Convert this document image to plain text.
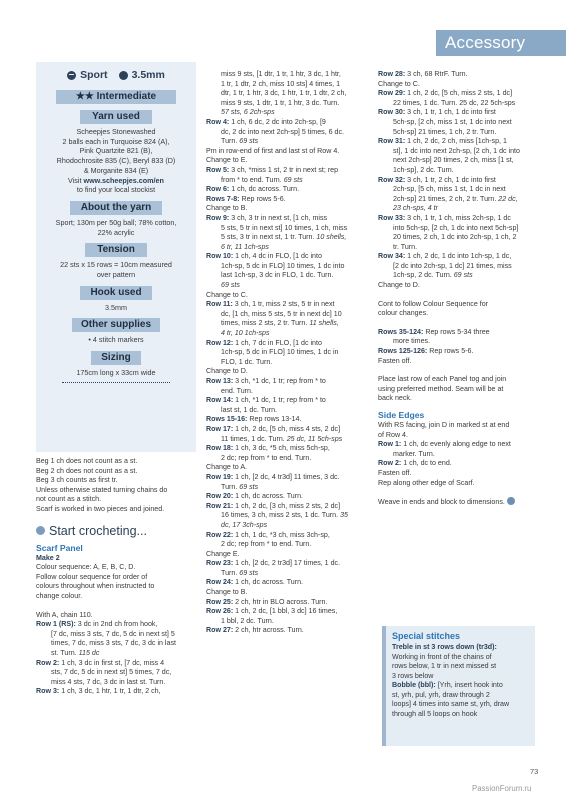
Accessory
Sport 3.5mm
★★ Intermediate
Yarn used
Scheepjes Stonewashed
2 balls each in Turquoise 824 (A),
Pink Quartzite 821 (B),
Rhodochrosite 835 (C), Beryl 833 (D)
& Morganite 834 (E)
Visit www.scheepjes.com/en
to find your local stockist
About the yarn
Sport; 130m per 50g ball; 78% cotton,
22% acrylic
Tension
22 sts x 15 rows = 10cm measured
over pattern
Hook used
3.5mm
Other supplies
• 4 stitch markers
Sizing
175cm long x 33cm wide
Beg 1 ch does not count as a st.
Beg 2 ch does not count as a st.
Beg 3 ch counts as first tr.
Unless otherwise stated turning chains do
not count as a stitch.
Scarf is worked in two pieces and joined.
Start crocheting...
Scarf Panel
Make 2
Colour sequence: A, E, B, C, D.
Follow colour sequence for order of
colours throughout when instructed to
change colour.
With A, chain 110.
Row 1 (RS): 3 dc in 2nd ch from hook,
[7 dc, miss 3 sts, 7 dc, 5 dc in next st] 5
times, 7 dc, miss 3 sts, 7 dc, 3 dc in last
st. Turn. 115 dc
Row 2: 1 ch, 3 dc in first st, [7 dc, miss 4
sts, 7 dc, 5 dc in next st] 5 times, 7 dc,
miss 4 sts, 7 dc, 3 dc in last st. Turn.
Row 3: 1 ch, 3 dc, 1 htr, 1 tr, 1 dtr, 2 ch,
miss 9 sts, [1 dtr, 1 tr, 1 htr, 3 dc, 1 htr,
1 tr, 1 dtr, 2 ch, miss 10 sts] 4 times, 1
dtr, 1 tr, 1 htr, 3 dc, 1 htr, 1 tr, 1 dtr, 2 ch,
miss 9 sts, 1 dtr, 1 tr, 1 htr, 3 dc. Turn.
57 sts, 6 2ch-sps
Row 4: 1 ch, 6 dc, 2 dc into 2ch-sp, [9
dc, 2 dc into next 2ch-sp] 5 times, 6 dc.
Turn. 69 sts
Pm in row-end of first and last st of Row 4.
Change to E.
Row 5: 3 ch, *miss 1 st, 2 tr in next st; rep
from * to end. Turn. 69 sts
Row 6: 1 ch, dc across. Turn.
Rows 7-8: Rep rows 5-6.
Change to B.
Row 9: 3 ch, 3 tr in next st, [1 ch, miss
5 sts, 5 tr in next st] 10 times, 1 ch, miss
5 sts, 3 tr in next st, 1 tr. Turn. 10 shells,
6 tr, 11 1ch-sps
Row 10: 1 ch, 4 dc in FLO, [1 dc into
1ch-sp, 5 dc in FLO] 10 times, 1 dc into
last 1ch-sp, 3 dc in FLO, 1 dc. Turn.
69 sts
Change to C.
Row 11: 3 ch, 1 tr, miss 2 sts, 5 tr in next
dc, [1 ch, miss 5 sts, 5 tr in next dc] 10
times, miss 2 sts, 2 tr. Turn. 11 shells,
4 tr, 10 1ch-sps
Row 12: 1 ch, 7 dc in FLO, [1 dc into
1ch-sp, 5 dc in FLO] 10 times, 1 dc in
FLO, 1 dc. Turn.
Change to D.
Row 13: 3 ch, *1 dc, 1 tr; rep from * to
end. Turn.
Row 14: 1 ch, *1 dc, 1 tr; rep from * to
last st, 1 dc. Turn.
Rows 15-16: Rep rows 13-14.
Row 17: 1 ch, 2 dc, [5 ch, miss 4 sts, 2 dc]
11 times, 1 dc. Turn. 25 dc, 11 5ch-sps
Row 18: 1 ch, 3 dc, *5 ch, miss 5ch-sp,
2 dc; rep from * to end. Turn.
Change to A.
Row 19: 1 ch, [2 dc, 4 tr3d] 11 times, 3 dc.
Turn. 69 sts
Row 20: 1 ch, dc across. Turn.
Row 21: 1 ch, 2 dc, [3 ch, miss 2 sts, 2 dc]
16 times, 3 ch, miss 2 sts, 1 dc. Turn. 35
dc, 17 3ch-sps
Row 22: 1 ch, 1 dc, *3 ch, miss 3ch-sp,
2 dc; rep from * to end. Turn.
Change E.
Row 23: 1 ch, [2 dc, 2 tr3d] 17 times, 1 dc.
Turn. 69 sts
Row 24: 1 ch, dc across. Turn.
Change to B.
Row 25: 2 ch, htr in BLO across. Turn.
Row 26: 1 ch, 2 dc, [1 bbl, 3 dc] 16 times,
1 bbl, 2 dc. Turn.
Row 27: 2 ch, htr across. Turn.
Row 28: 3 ch, 68 RtrF. Turn.
Change to C.
Row 29: 1 ch, 2 dc, [5 ch, miss 2 sts, 1 dc]
22 times, 1 dc. Turn. 25 dc, 22 5ch-sps
Row 30: 3 ch, 1 tr, 1 ch, 1 dc into first
5ch-sp, [2 ch, miss 1 st, 1 dc into next
5ch-sp] 21 times, 1 ch, 2 tr. Turn.
Row 31: 1 ch, 2 dc, 2 ch, miss [1ch-sp, 1
st], 1 dc into next 2ch-sp, [2 ch, 1 dc into
next 2ch-sp] 20 times, 2 ch, miss [1 st,
1ch-sp], 2 dc. Turn.
Row 32: 3 ch, 1 tr, 2 ch, 1 dc into first
2ch-sp, [5 ch, miss 1 st, 1 dc in next
2ch-sp] 21 times, 2 ch, 2 tr. Turn. 22 dc,
23 ch-sps, 4 tr
Row 33: 3 ch, 1 tr, 1 ch, miss 2ch-sp, 1 dc
into 5ch-sp, [2 ch, 1 dc into next 5ch-sp]
20 times, 2 ch, 1 dc into 2ch-sp, 1 ch, 2
tr. Turn.
Row 34: 1 ch, 2 dc, 1 dc into 1ch-sp, 1 dc,
[2 dc into 2ch-sp, 1 dc] 21 times, miss
1ch-sp, 2 dc. Turn. 69 sts
Change to D.
Cont to follow Colour Sequence for
colour changes.
Rows 35-124: Rep rows 5-34 three
more times.
Rows 125-126: Rep rows 5-6.
Fasten off.
Place last row of each Panel tog and join
using preferred method. Seam will be at
back neck.
Side Edges
With RS facing, join D in marked st at end
of Row 4.
Row 1: 1 ch, dc evenly along edge to next
marker. Turn.
Row 2: 1 ch, dc to end.
Fasten off.
Rep along other edge of Scarf.
Weave in ends and block to dimensions.
Special stitches
Treble in st 3 rows down (tr3d):
Working in front of the chains of
rows below, 1 tr in next missed st
3 rows below
Bobble (bbl): [Yrh, insert hook into
st, yrh, pul, yrh, draw through 2
loops] 4 times into same st, yrh, draw
through all 5 loops on hook
73
PassionForum.ru
